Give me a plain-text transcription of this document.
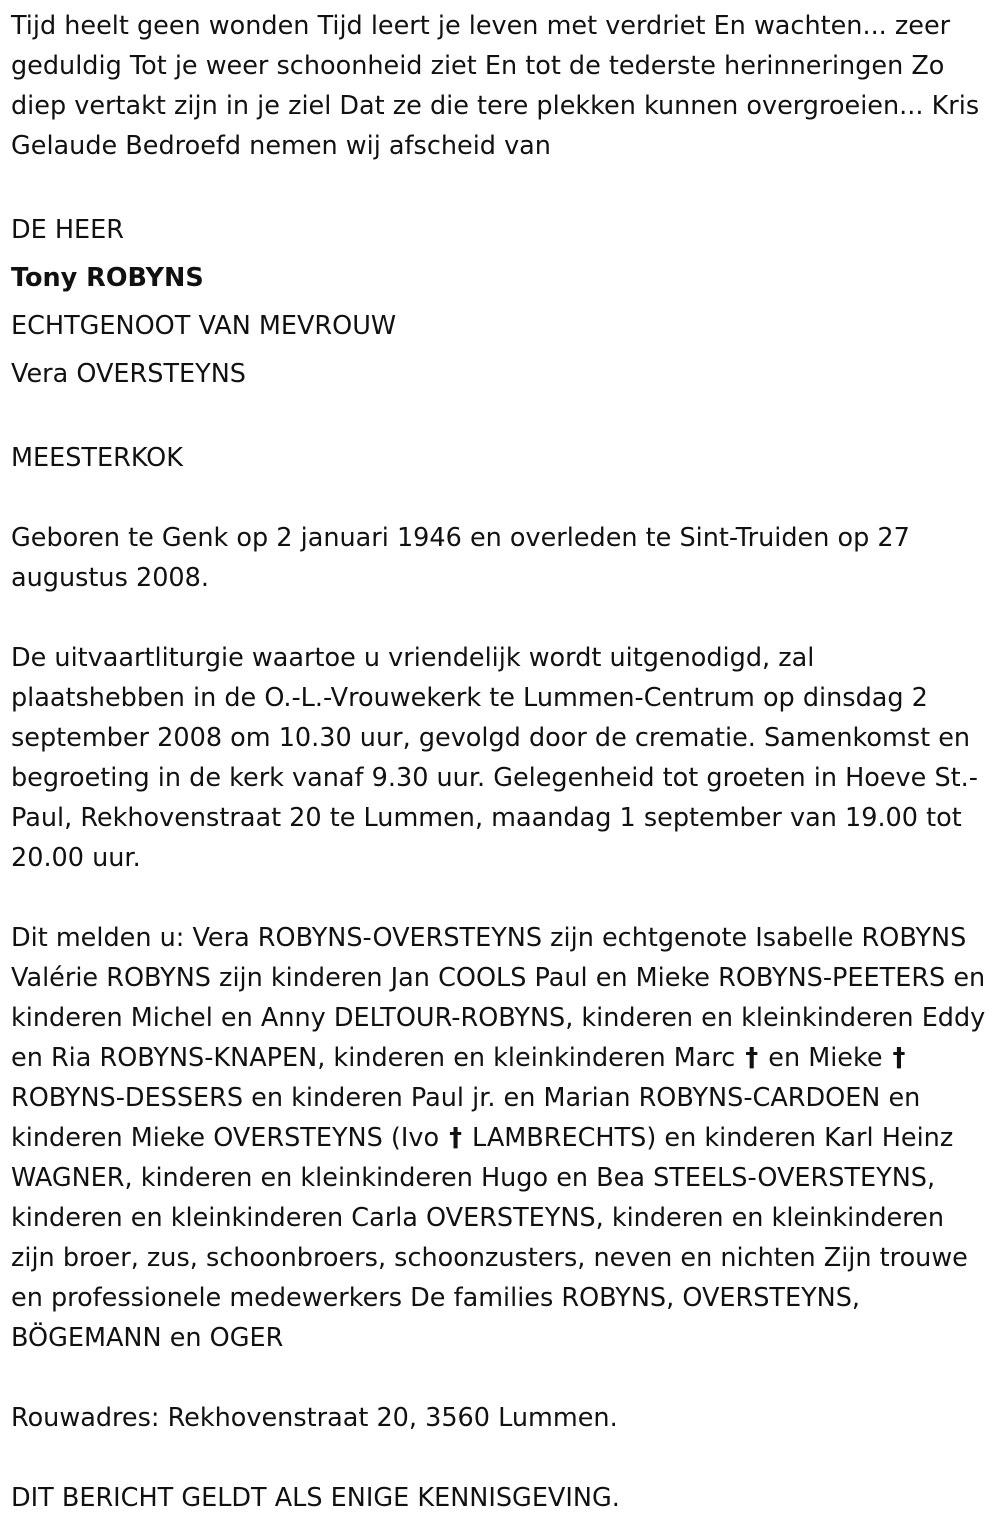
Tijd heelt geen wonden Tijd leert je leven met verdriet En wachten... zeer geduldig Tot je weer schoonheid ziet En tot de tederste herinneringen Zo diep vertakt zijn in je ziel Dat ze die tere plekken kunnen overgroeien... Kris Gelaude Bedroefd nemen wij afscheid van

DE HEER

Tony ROBYNS

ECHTGENOOT VAN MEVROUW

Vera OVERSTEYNS

MEESTERKOK

Geboren te Genk op 2 januari 1946 en overleden te Sint-Truiden op 27 augustus 2008.

De uitvaartliturgie waartoe u vriendelijk wordt uitgenodigd, zal plaatshebben in de O.-L.-Vrouwekerk te Lummen-Centrum op dinsdag 2 september 2008 om 10.30 uur, gevolgd door de crematie. Samenkomst en begroeting in de kerk vanaf 9.30 uur. Gelegenheid tot groeten in Hoeve St.-Paul, Rekhovenstraat 20 te Lummen, maandag 1 september van 19.00 tot 20.00 uur.

Dit melden u: Vera ROBYNS-OVERSTEYNS zijn echtgenote Isabelle ROBYNS Valérie ROBYNS zijn kinderen Jan COOLS Paul en Mieke ROBYNS-PEETERS en kinderen Michel en Anny DELTOUR-ROBYNS, kinderen en kleinkinderen Eddy en Ria ROBYNS-KNAPEN, kinderen en kleinkinderen Marc † en Mieke † ROBYNS-DESSERS en kinderen Paul jr. en Marian ROBYNS-CARDOEN en kinderen Mieke OVERSTEYNS (Ivo † LAMBRECHTS) en kinderen Karl Heinz WAGNER, kinderen en kleinkinderen Hugo en Bea STEELS-OVERSTEYNS, kinderen en kleinkinderen Carla OVERSTEYNS, kinderen en kleinkinderen zijn broer, zus, schoonbroers, schoonzusters, neven en nichten Zijn trouwe en professionele medewerkers De families ROBYNS, OVERSTEYNS, BÖGEMANN en OGER

Rouwadres: Rekhovenstraat 20, 3560 Lummen.

DIT BERICHT GELDT ALS ENIGE KENNISGEVING.
